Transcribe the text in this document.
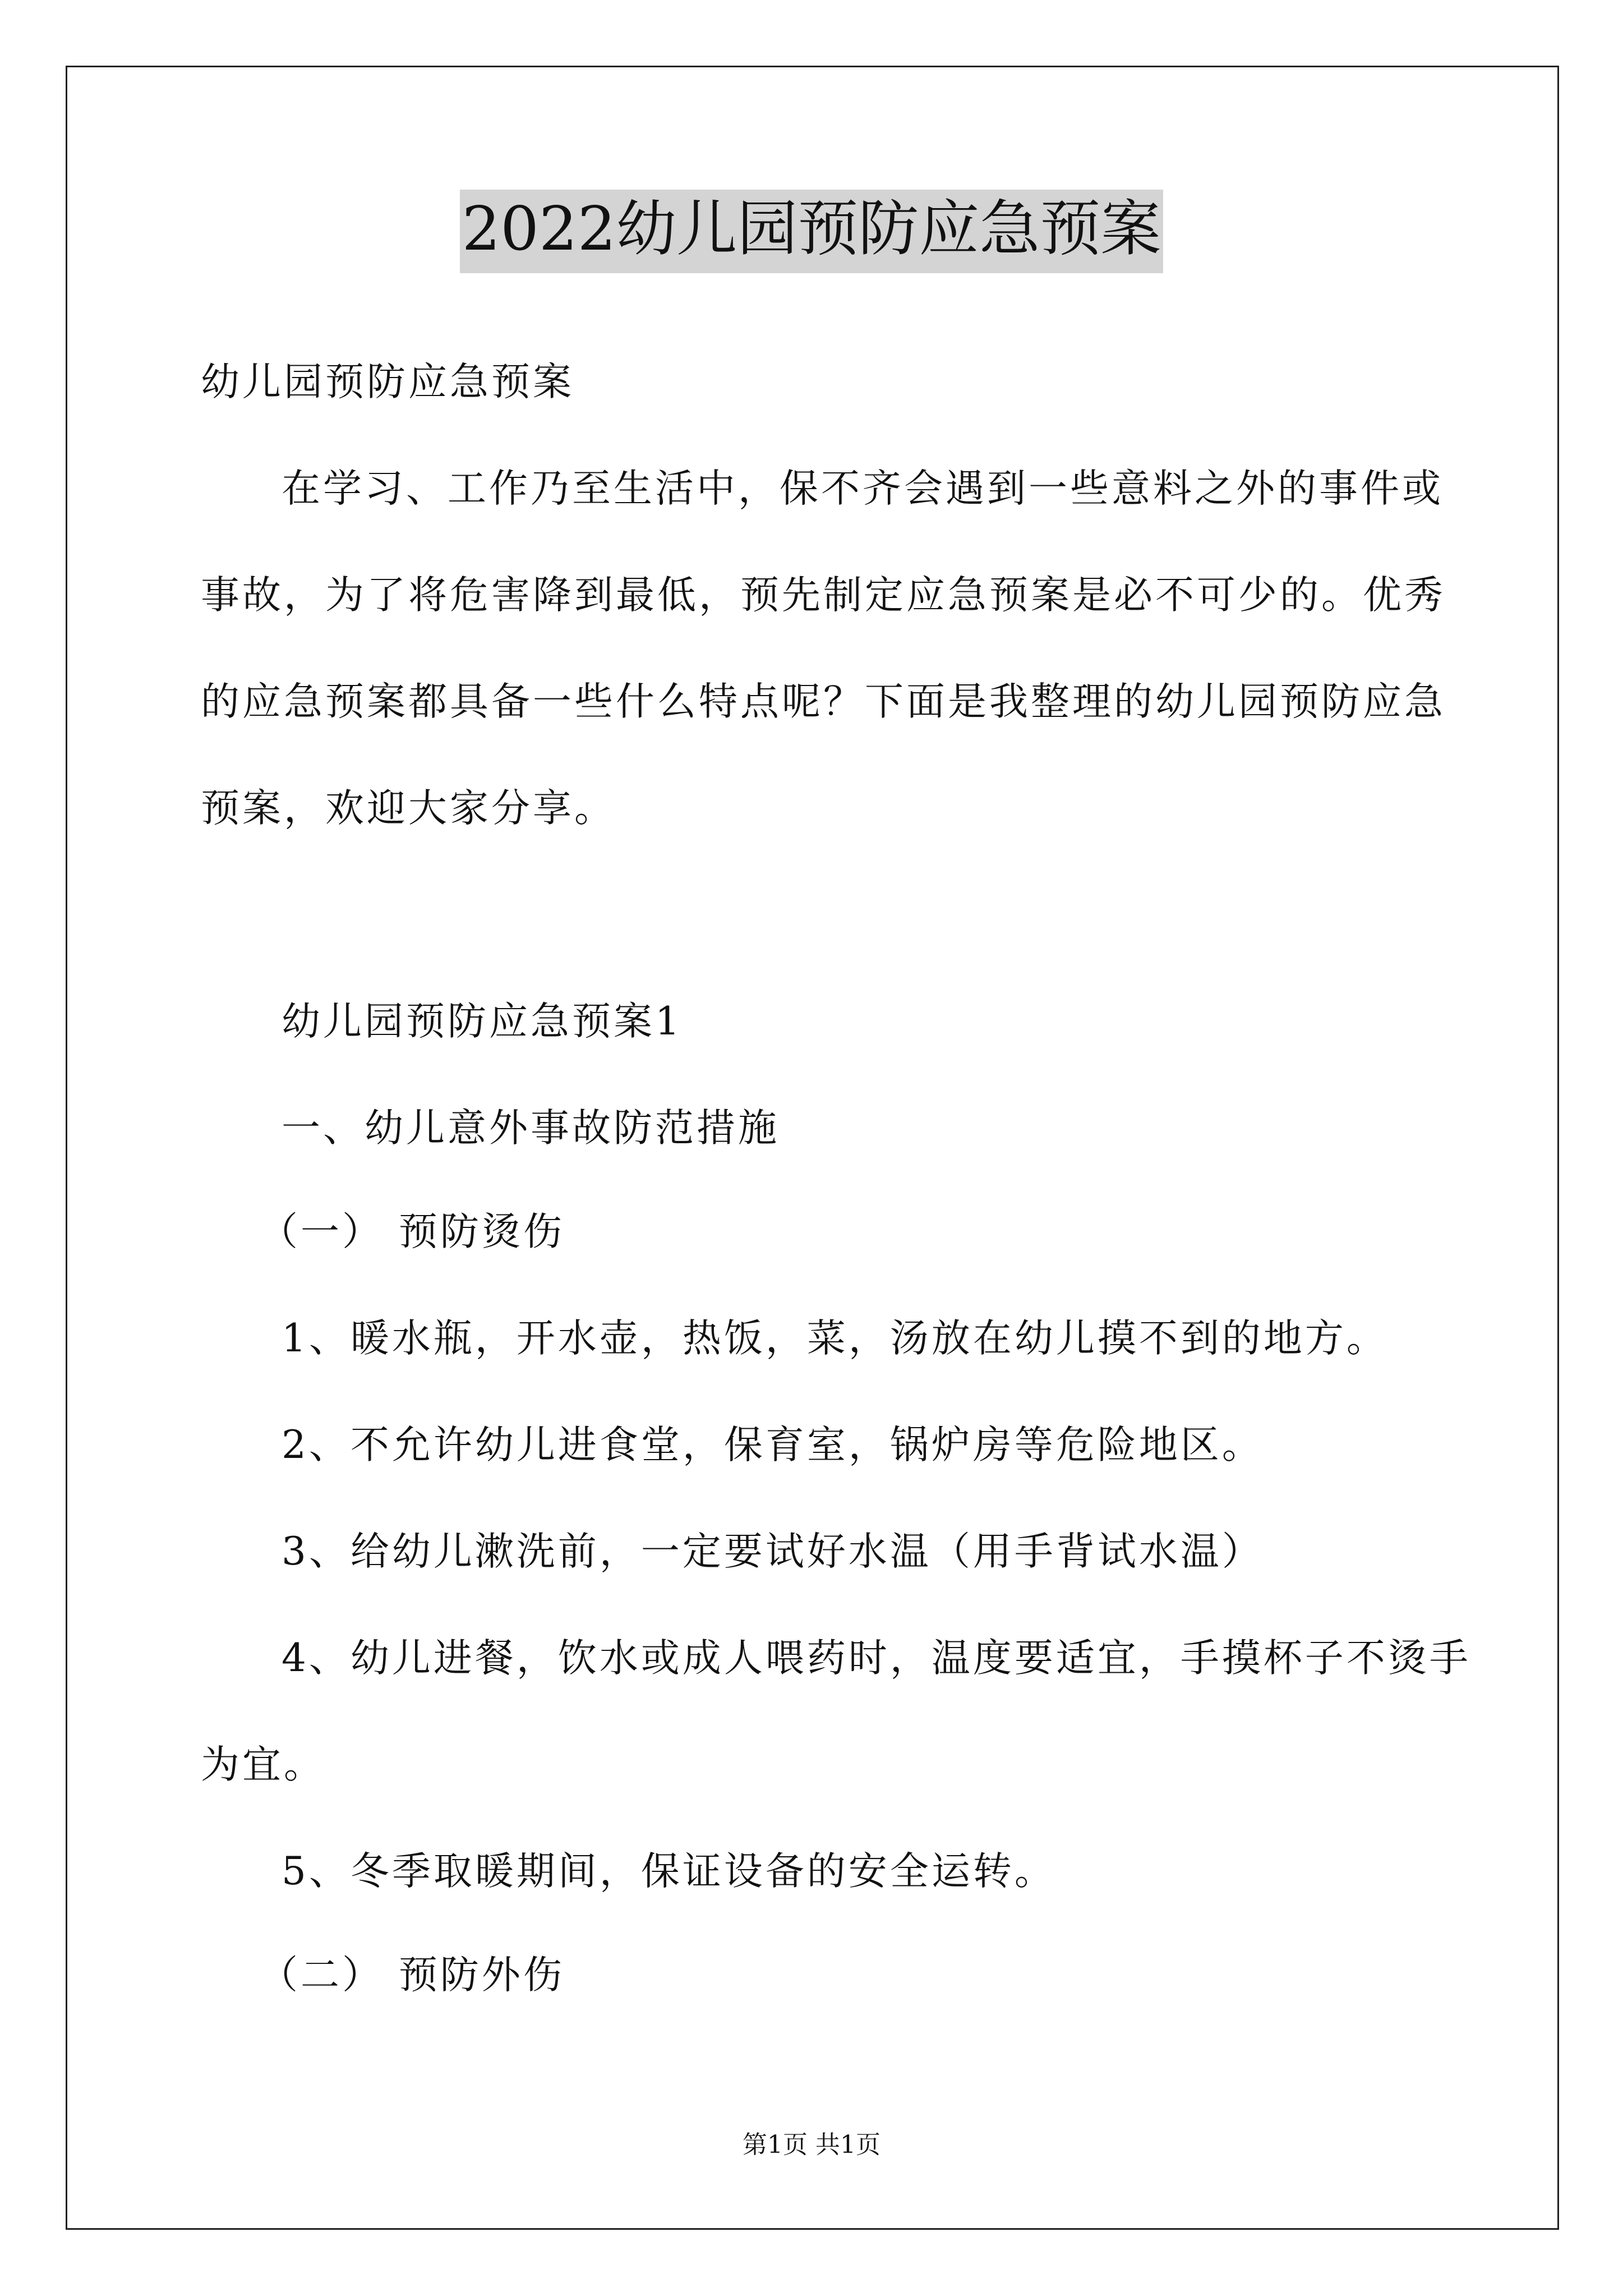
2022幼儿园预防应急预案
幼儿园预防应急预案
在学习、工作乃至生活中，保不齐会遇到一些意料之外的事件或
事故，为了将危害降到最低，预先制定应急预案是必不可少的。优秀
的应急预案都具备一些什么特点呢？下面是我整理的幼儿园预防应急
预案，欢迎大家分享。
幼儿园预防应急预案1
一、幼儿意外事故防范措施
（一） 预防烫伤
1、暖水瓶，开水壶，热饭，菜，汤放在幼儿摸不到的地方。
2、不允许幼儿进食堂，保育室，锅炉房等危险地区。
3、给幼儿漱洗前，一定要试好水温（用手背试水温）
4、幼儿进餐，饮水或成人喂药时，温度要适宜，手摸杯子不烫手
为宜。
5、冬季取暖期间，保证设备的安全运转。
（二） 预防外伤
第1页 共1页
